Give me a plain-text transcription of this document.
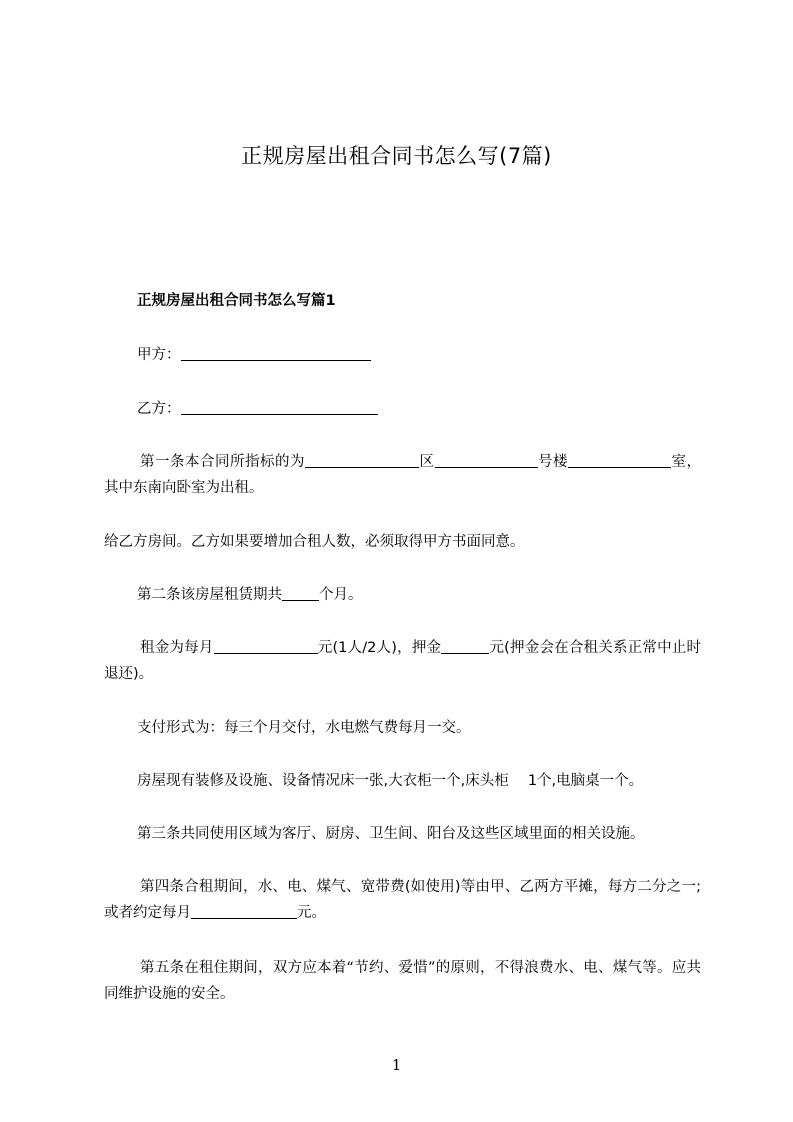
正规房屋出租合同书怎么写(7篇)
正规房屋出租合同书怎么写篇1
甲方：
乙方：
第一条本合同所指标的为	区	号楼	室，其中东南向卧室为出租。
给乙方房间。乙方如果要增加合租人数，必须取得甲方书面同意。
第二条该房屋租赁期共	个月。
租金为每月	元(1人/2人)，押金	元(押金会在合租关系正常中止时退还)。
支付形式为：每三个月交付，水电燃气费每月一交。
房屋现有装修及设施、设备情况床一张,大衣柜一个,床头柜　 1个,电脑桌一个。
第三条共同使用区域为客厅、厨房、卫生间、阳台及这些区域里面的相关设施。
第四条合租期间，水、电、煤气、宽带费(如使用)等由甲、乙两方平摊，每方二分之一;或者约定每月	元。
第五条在租住期间，双方应本着“节约、爱惜”的原则，不得浪费水、电、煤气等。应共同维护设施的安全。
1
